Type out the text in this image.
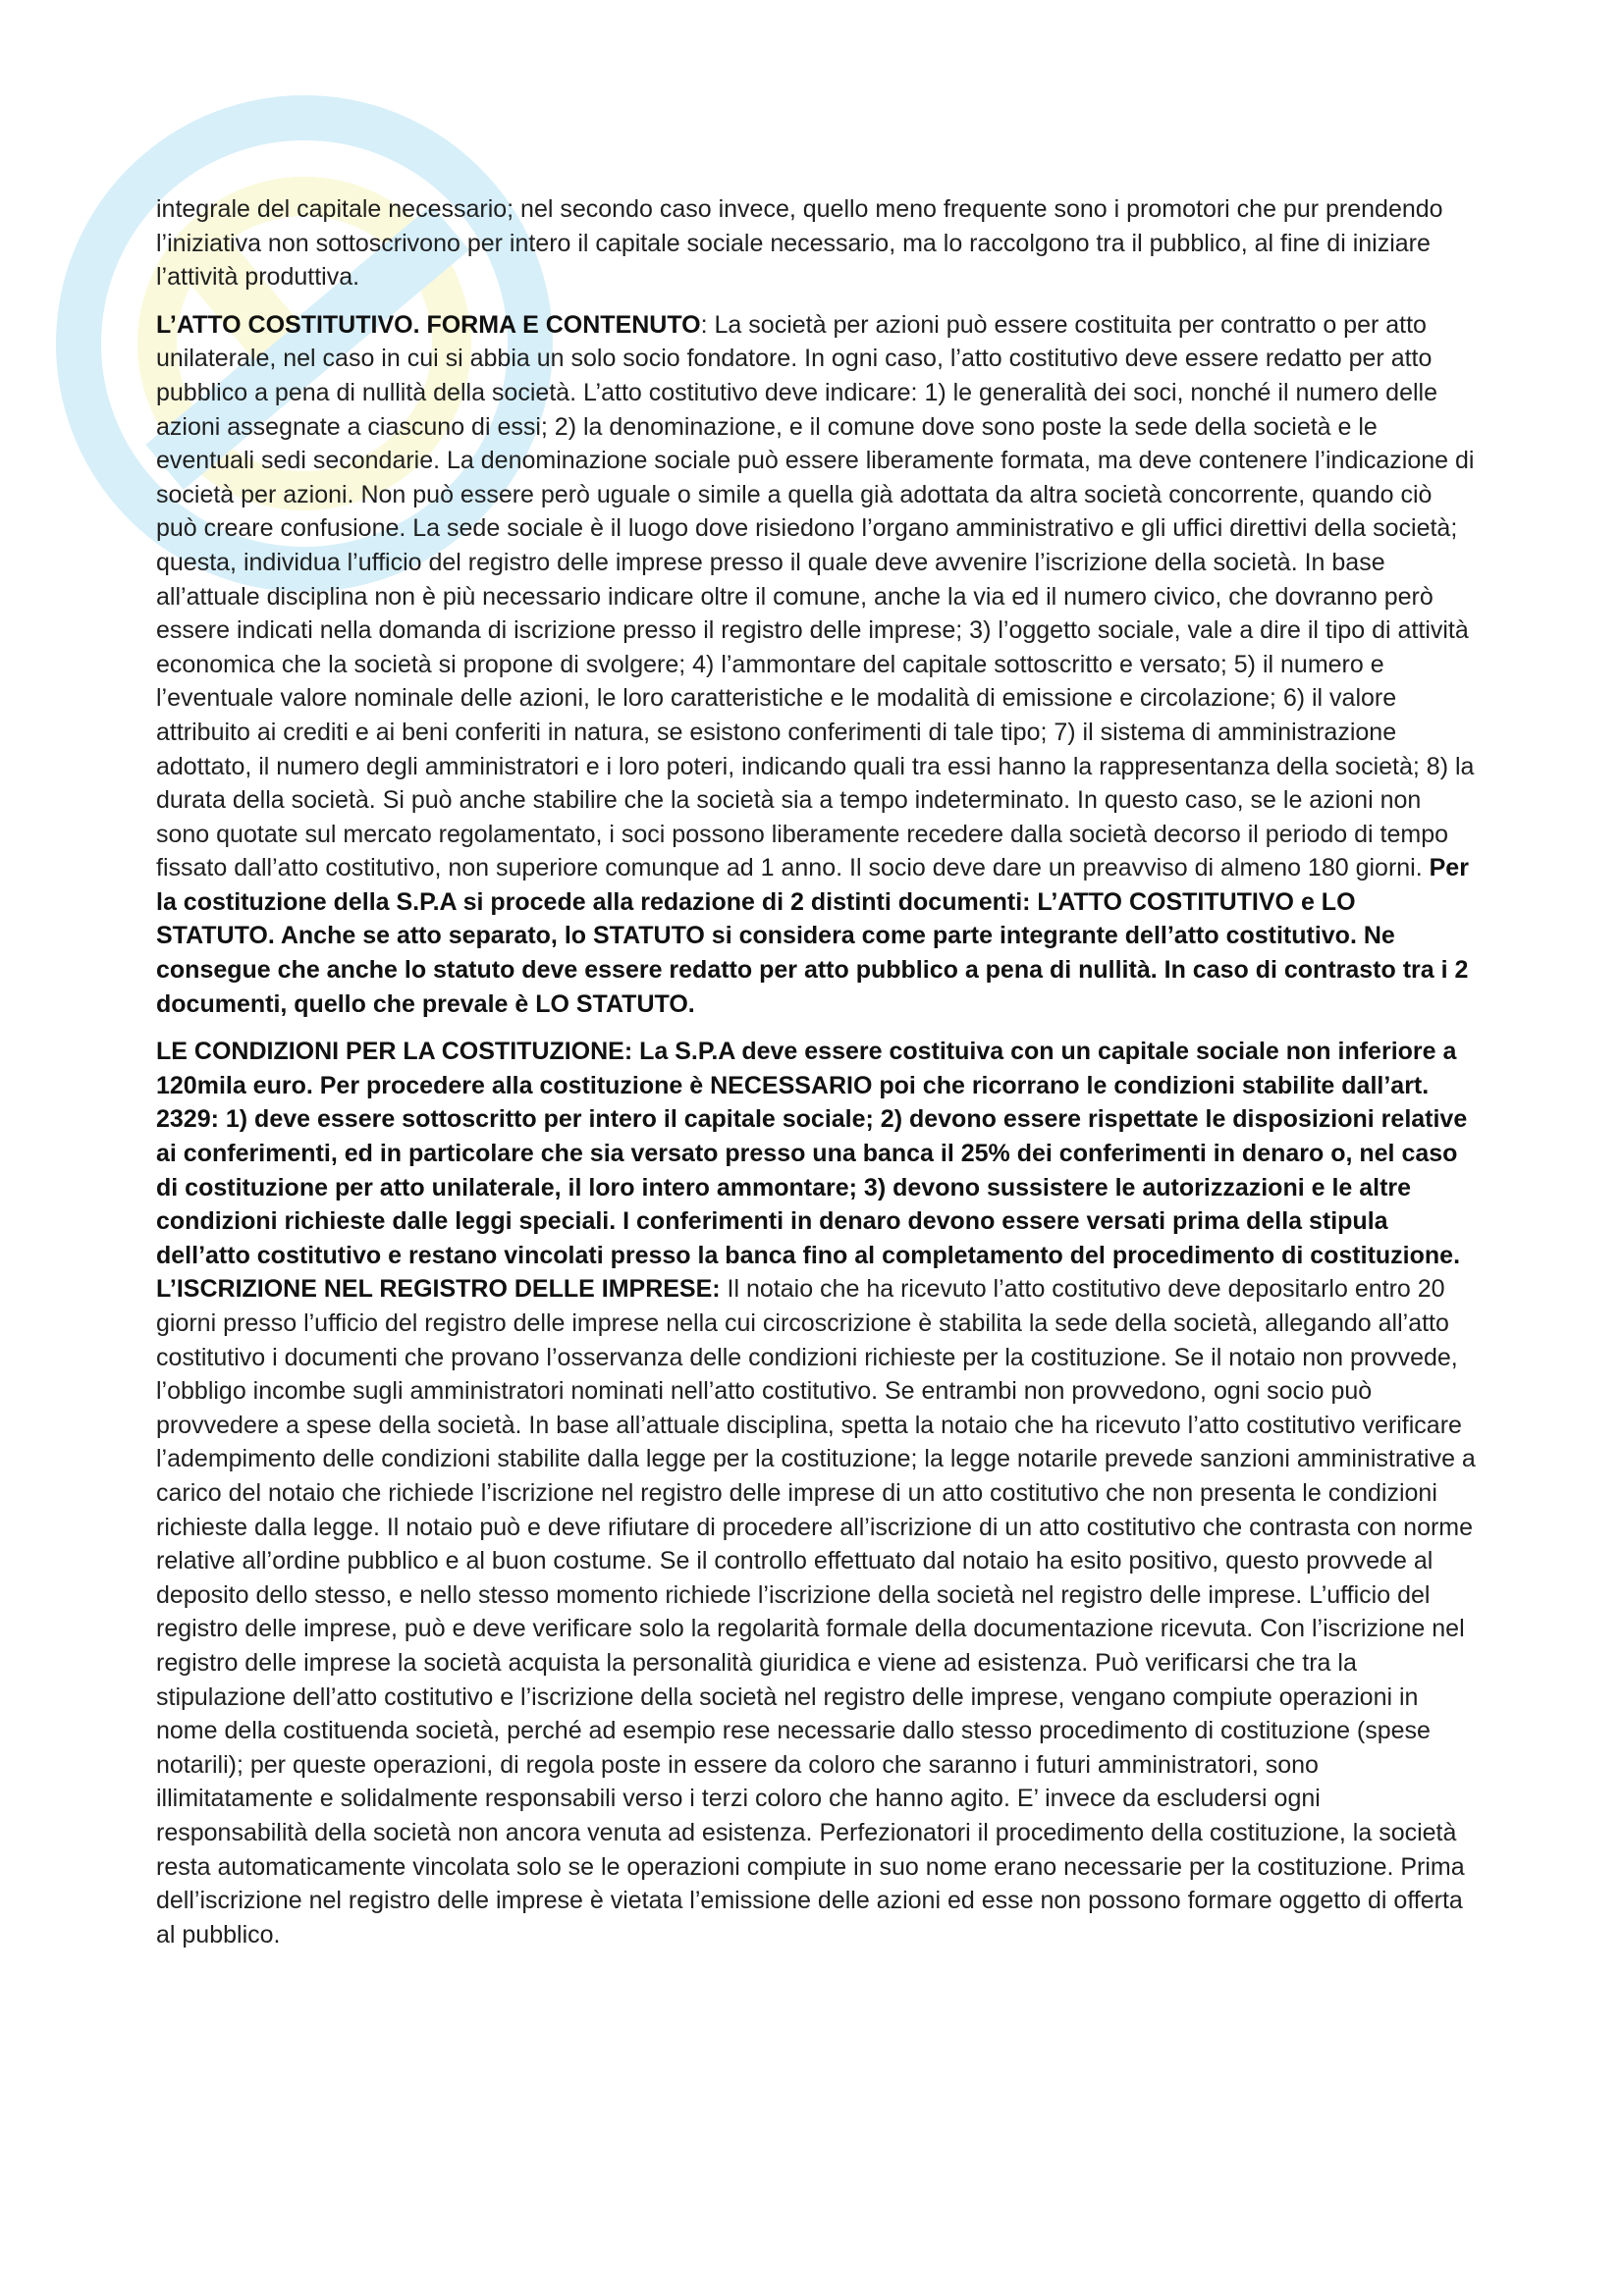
integrale del capitale necessario; nel secondo caso invece, quello meno frequente sono i promotori che pur prendendo l’iniziativa non sottoscrivono per intero il capitale sociale necessario, ma lo raccolgono tra il pubblico, al fine di iniziare l’attività produttiva.

L’ATTO COSTITUTIVO. FORMA E CONTENUTO: La società per azioni può essere costituita per contratto o per atto unilaterale, nel caso in cui si abbia un solo socio fondatore. In ogni caso, l’atto costitutivo deve essere redatto per atto pubblico a pena di nullità della società. L’atto costitutivo deve indicare: 1) le generalità dei soci, nonché il numero delle azioni assegnate a ciascuno di essi; 2) la denominazione, e il comune dove sono poste la sede della società e le eventuali sedi secondarie. La denominazione sociale può essere liberamente formata, ma deve contenere l’indicazione di società per azioni. Non può essere però uguale o simile a quella già adottata da altra società concorrente, quando ciò può creare confusione. La sede sociale è il luogo dove risiedono l’organo amministrativo e gli uffici direttivi della società; questa, individua l’ufficio del registro delle imprese presso il quale deve avvenire l’iscrizione della società. In base all’attuale disciplina non è più necessario indicare oltre il comune, anche la via ed il numero civico, che dovranno però essere indicati nella domanda di iscrizione presso il registro delle imprese; 3) l’oggetto sociale, vale a dire il tipo di attività economica che la società si propone di svolgere; 4) l’ammontare del capitale sottoscritto e versato; 5) il numero e l’eventuale valore nominale delle azioni, le loro caratteristiche e le modalità di emissione e circolazione; 6) il valore attribuito ai crediti e ai beni conferiti in natura, se esistono conferimenti di tale tipo; 7) il sistema di amministrazione adottato, il numero degli amministratori e i loro poteri, indicando quali tra essi hanno la rappresentanza della società; 8) la durata della società. Si può anche stabilire che la società sia a tempo indeterminato. In questo caso, se le azioni non sono quotate sul mercato regolamentato, i soci possono liberamente recedere dalla società decorso il periodo di tempo fissato dall’atto costitutivo, non superiore comunque ad 1 anno. Il socio deve dare un preavviso di almeno 180 giorni. Per la costituzione della S.P.A si procede alla redazione di 2 distinti documenti: L’ATTO COSTITUTIVO e LO STATUTO. Anche se atto separato, lo STATUTO si considera come parte integrante dell’atto costitutivo. Ne consegue che anche lo statuto deve essere redatto per atto pubblico a pena di nullità. In caso di contrasto tra i 2 documenti, quello che prevale è LO STATUTO.

LE CONDIZIONI PER LA COSTITUZIONE: La S.P.A deve essere costituiva con un capitale sociale non inferiore a 120mila euro. Per procedere alla costituzione è NECESSARIO poi che ricorrano le condizioni stabilite dall’art. 2329: 1) deve essere sottoscritto per intero il capitale sociale; 2) devono essere rispettate le disposizioni relative ai conferimenti, ed in particolare che sia versato presso una banca il 25% dei conferimenti in denaro o, nel caso di costituzione per atto unilaterale, il loro intero ammontare; 3) devono sussistere le autorizzazioni e le altre condizioni richieste dalle leggi speciali. I conferimenti in denaro devono essere versati prima della stipula dell’atto costitutivo e restano vincolati presso la banca fino al completamento del procedimento di costituzione. L’ISCRIZIONE NEL REGISTRO DELLE IMPRESE: Il notaio che ha ricevuto l’atto costitutivo deve depositarlo entro 20 giorni presso l’ufficio del registro delle imprese nella cui circoscrizione è stabilita la sede della società, allegando all’atto costitutivo i documenti che provano l’osservanza delle condizioni richieste per la costituzione. Se il notaio non provvede, l’obbligo incombe sugli amministratori nominati nell’atto costitutivo. Se entrambi non provvedono, ogni socio può provvedere a spese della società. In base all’attuale disciplina, spetta la notaio che ha ricevuto l’atto costitutivo verificare l’adempimento delle condizioni stabilite dalla legge per la costituzione; la legge notarile prevede sanzioni amministrative a carico del notaio che richiede l’iscrizione nel registro delle imprese di un atto costitutivo che non presenta le condizioni richieste dalla legge. Il notaio può e deve rifiutare di procedere all’iscrizione di un atto costitutivo che contrasta con norme relative all’ordine pubblico e al buon costume. Se il controllo effettuato dal notaio ha esito positivo, questo provvede al deposito dello stesso, e nello stesso momento richiede l’iscrizione della società nel registro delle imprese. L’ufficio del registro delle imprese, può e deve verificare solo la regolarità formale della documentazione ricevuta. Con l’iscrizione nel registro delle imprese la società acquista la personalità giuridica e viene ad esistenza. Può verificarsi che tra la stipulazione dell’atto costitutivo e l’iscrizione della società nel registro delle imprese, vengano compiute operazioni in nome della costituenda società, perché ad esempio rese necessarie dallo stesso procedimento di costituzione (spese notarili); per queste operazioni, di regola poste in essere da coloro che saranno i futuri amministratori, sono illimitatamente e solidalmente responsabili verso i terzi coloro che hanno agito. E’ invece da escludersi ogni responsabilità della società non ancora venuta ad esistenza. Perfezionatori il procedimento della costituzione, la società resta automaticamente vincolata solo se le operazioni compiute in suo nome erano necessarie per la costituzione. Prima dell’iscrizione nel registro delle imprese è vietata l’emissione delle azioni ed esse non possono formare oggetto di offerta al pubblico.
